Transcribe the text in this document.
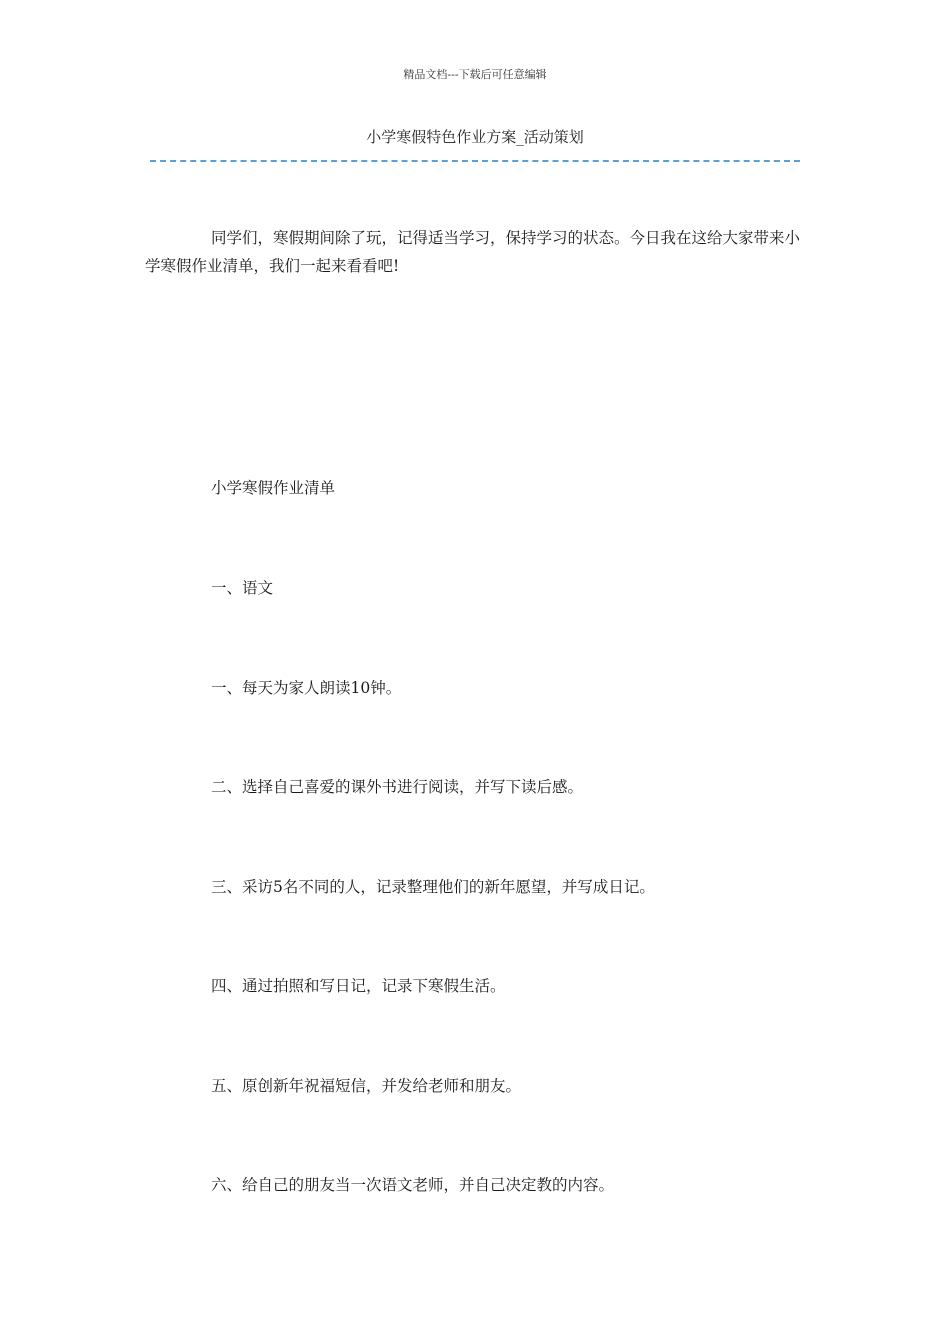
精品文档---下载后可任意编辑
小学寒假特色作业方案_活动策划
同学们，寒假期间除了玩，记得适当学习，保持学习的状态。今日我在这给大家带来小学寒假作业清单，我们一起来看看吧!
小学寒假作业清单
一、语文
一、每天为家人朗读10钟。
二、选择自己喜爱的课外书进行阅读，并写下读后感。
三、采访5名不同的人，记录整理他们的新年愿望，并写成日记。
四、通过拍照和写日记，记录下寒假生活。
五、原创新年祝福短信，并发给老师和朋友。
六、给自己的朋友当一次语文老师，并自己决定教的内容。
